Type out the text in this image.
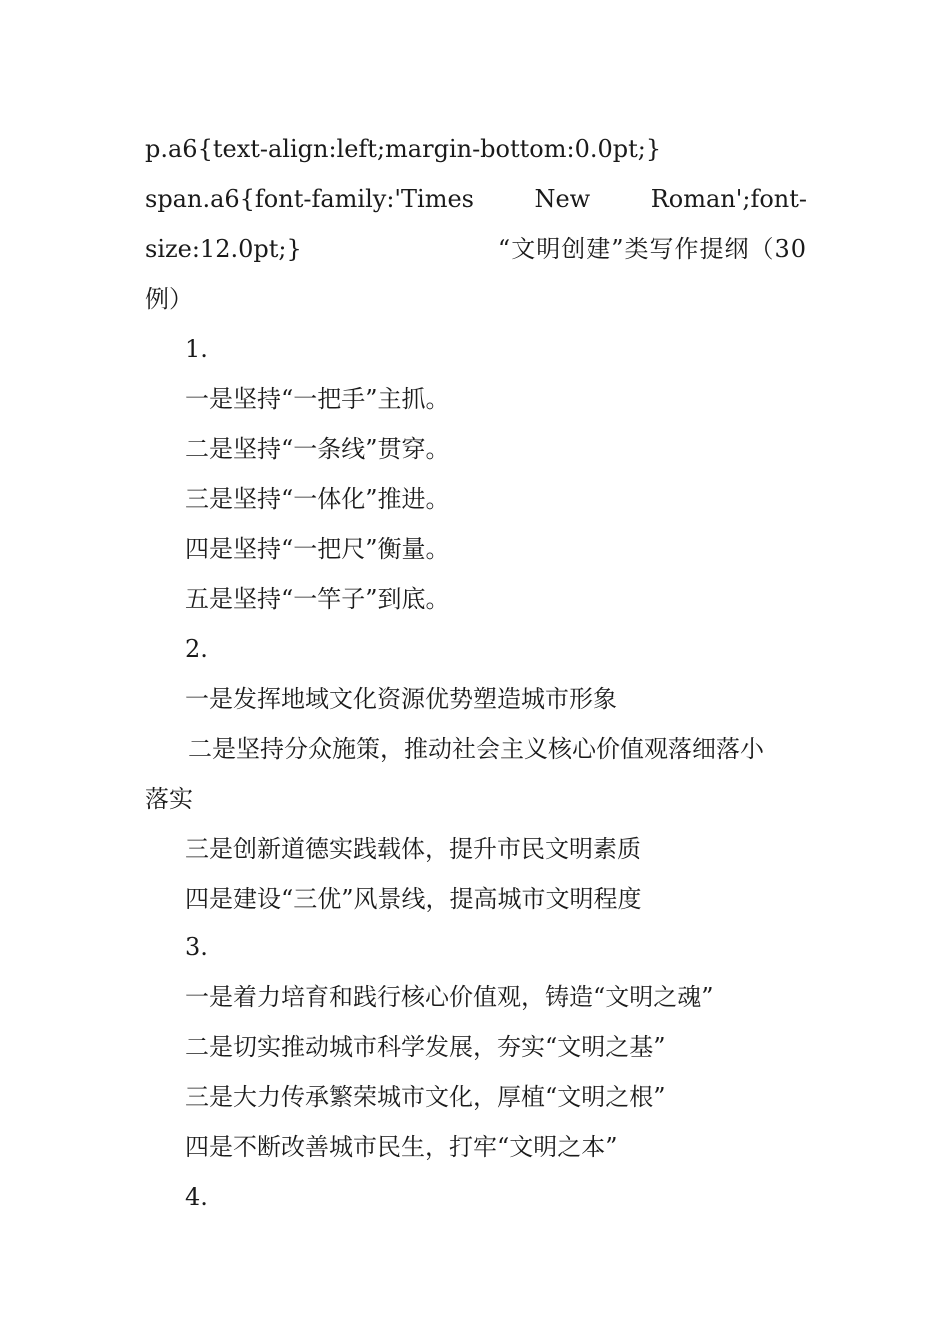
p.a6{text-align:left;margin-bottom:0.0pt;}
span.a6{font-family:'Times	New	Roman';font-
size:12.0pt;}	“文明创建”类写作提纲（30
例）
1.
一是坚持“一把手”主抓。
二是坚持“一条线”贯穿。
三是坚持“一体化”推进。
四是坚持“一把尺”衡量。
五是坚持“一竿子”到底。
2.
一是发挥地域文化资源优势塑造城市形象
二是坚持分众施策，推动社会主义核心价值观落细落小
落实
三是创新道德实践载体，提升市民文明素质
四是建设“三优”风景线，提高城市文明程度
3.
一是着力培育和践行核心价值观，铸造“文明之魂”
二是切实推动城市科学发展，夯实“文明之基”
三是大力传承繁荣城市文化，厚植“文明之根”
四是不断改善城市民生，打牢“文明之本”
4.
